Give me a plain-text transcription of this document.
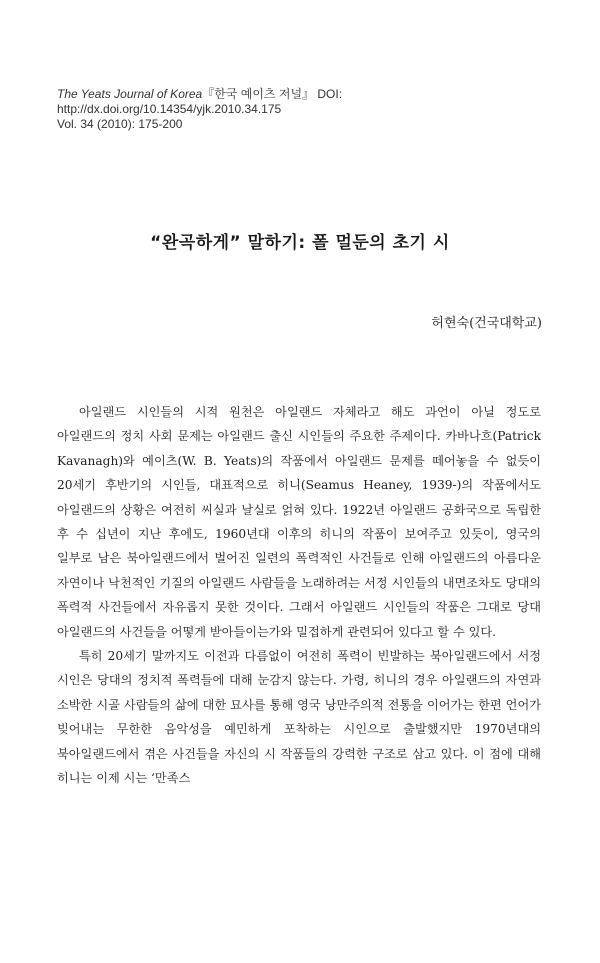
The Yeats Journal of Korea『한국 예이츠 저널』 DOI: http://dx.doi.org/10.14354/yjk.2010.34.175
Vol. 34 (2010): 175-200
“완곡하게” 말하기: 폴 멀둔의 초기 시
허현숙(건국대학교)

아일랜드 시인들의 시적 원천은 아일랜드 자체라고 해도 과언이 아닐 정도로 아일랜드의 정치 사회 문제는 아일랜드 출신 시인들의 주요한 주제이다. 카바나흐(Patrick Kavanagh)와 예이츠(W. B. Yeats)의 작품에서 아일랜드 문제를 떼어놓을 수 없듯이 20세기 후반기의 시인들, 대표적으로 히니(Seamus Heaney, 1939-)의 작품에서도 아일랜드의 상황은 여전히 씨실과 날실로 얽혀 있다. 1922년 아일랜드 공화국으로 독립한 후 수 십년이 지난 후에도, 1960년대 이후의 히니의 작품이 보여주고 있듯이, 영국의 일부로 남은 북아일랜드에서 벌어진 일련의 폭력적인 사건들로 인해 아일랜드의 아름다운 자연이나 낙천적인 기질의 아일랜드 사람들을 노래하려는 서정 시인들의 내면조차도 당대의 폭력적 사건들에서 자유롭지 못한 것이다. 그래서 아일랜드 시인들의 작품은 그대로 당대 아일랜드의 사건들을 어떻게 받아들이는가와 밀접하게 관련되어 있다고 할 수 있다.

특히 20세기 말까지도 이전과 다름없이 여전히 폭력이 빈발하는 북아일랜드에서 서정 시인은 당대의 정치적 폭력들에 대해 눈감지 않는다. 가령, 히니의 경우 아일랜드의 자연과 소박한 시골 사람들의 삶에 대한 묘사를 통해 영국 낭만주의적 전통을 이어가는 한편 언어가 빚어내는 무한한 음악성을 예민하게 포착하는 시인으로 출발했지만 1970년대의 북아일랜드에서 겪은 사건들을 자신의 시 작품들의 강력한 구조로 삼고 있다. 이 점에 대해 히니는 이제 시는 ‘만족스
